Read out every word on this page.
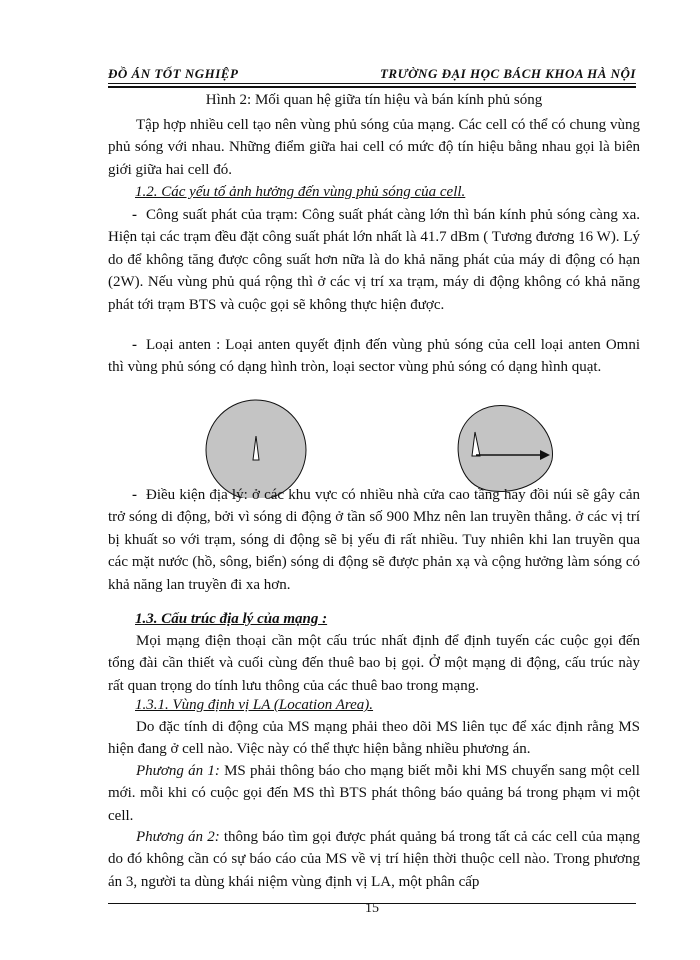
ĐỒ ÁN TỐT NGHIỆP	TRƯỜNG ĐẠI HỌC BÁCH KHOA HÀ NỘI
Hình 2: Mối quan hệ giữa tín hiệu và bán kính phủ sóng
Tập hợp nhiều cell tạo nên vùng phủ sóng của mạng. Các cell có thể có chung vùng phủ sóng với nhau. Những điểm giữa hai cell có mức độ tín hiệu bằng nhau gọi là biên giới giữa hai cell đó.
1.2. Các yếu tố ảnh hưởng đến vùng phủ sóng của cell.
- Công suất phát của trạm: Công suất phát càng lớn thì bán kính phủ sóng càng xa. Hiện tại các trạm đều đặt công suất phát lớn nhất là 41.7 dBm ( Tương đương 16 W). Lý do để không tăng được công suất hơn nữa là do khả năng phát của máy di động có hạn (2W). Nếu vùng phủ quá rộng thì ở các vị trí xa trạm, máy di động không có khả năng phát tới trạm BTS và cuộc gọi sẽ không thực hiện được.
- Loại anten : Loại anten quyết định đến vùng phủ sóng của cell loại anten Omni thì vùng phủ sóng có dạng hình tròn, loại sector vùng phủ sóng có dạng hình quạt.
- Điều kiện địa lý: ở các khu vực có nhiều nhà cửa cao tầng hay đồi núi sẽ gây cản trở sóng di động, bởi vì sóng di động ở tần số 900 Mhz nên lan truyền thẳng. ở các vị trí bị khuất so với trạm, sóng di động sẽ bị yếu đi rất nhiều. Tuy nhiên khi lan truyền qua các mặt nước (hồ, sông, biển) sóng di động sẽ được phản xạ và cộng hưởng làm sóng có khả năng lan truyền đi xa hơn.
1.3. Cấu trúc địa lý của mạng :
Mọi mạng điện thoại cần một cấu trúc nhất định để định tuyến các cuộc gọi đến tổng đài cần thiết và cuối cùng đến thuê bao bị gọi. Ở một mạng di động, cấu trúc này rất quan trọng do tính lưu thông của các thuê bao trong mạng.
1.3.1. Vùng định vị LA (Location Area).
Do đặc tính di động của MS mạng phải theo dõi MS liên tục để xác định rằng MS hiện đang ở cell nào. Việc này có thể thực hiện bằng nhiều phương án.
Phương án 1: MS phải thông báo cho mạng biết mỗi khi MS chuyển sang một cell mới. mỗi khi có cuộc gọi đến MS thì BTS phát thông báo quảng bá trong phạm vi một cell.
Phương án 2: thông báo tìm gọi được phát quảng bá trong tất cả các cell của mạng do đó không cần có sự báo cáo của MS về vị trí hiện thời thuộc cell nào. Trong phương án 3, người ta dùng khái niệm vùng định vị LA, một phân cấp
15
